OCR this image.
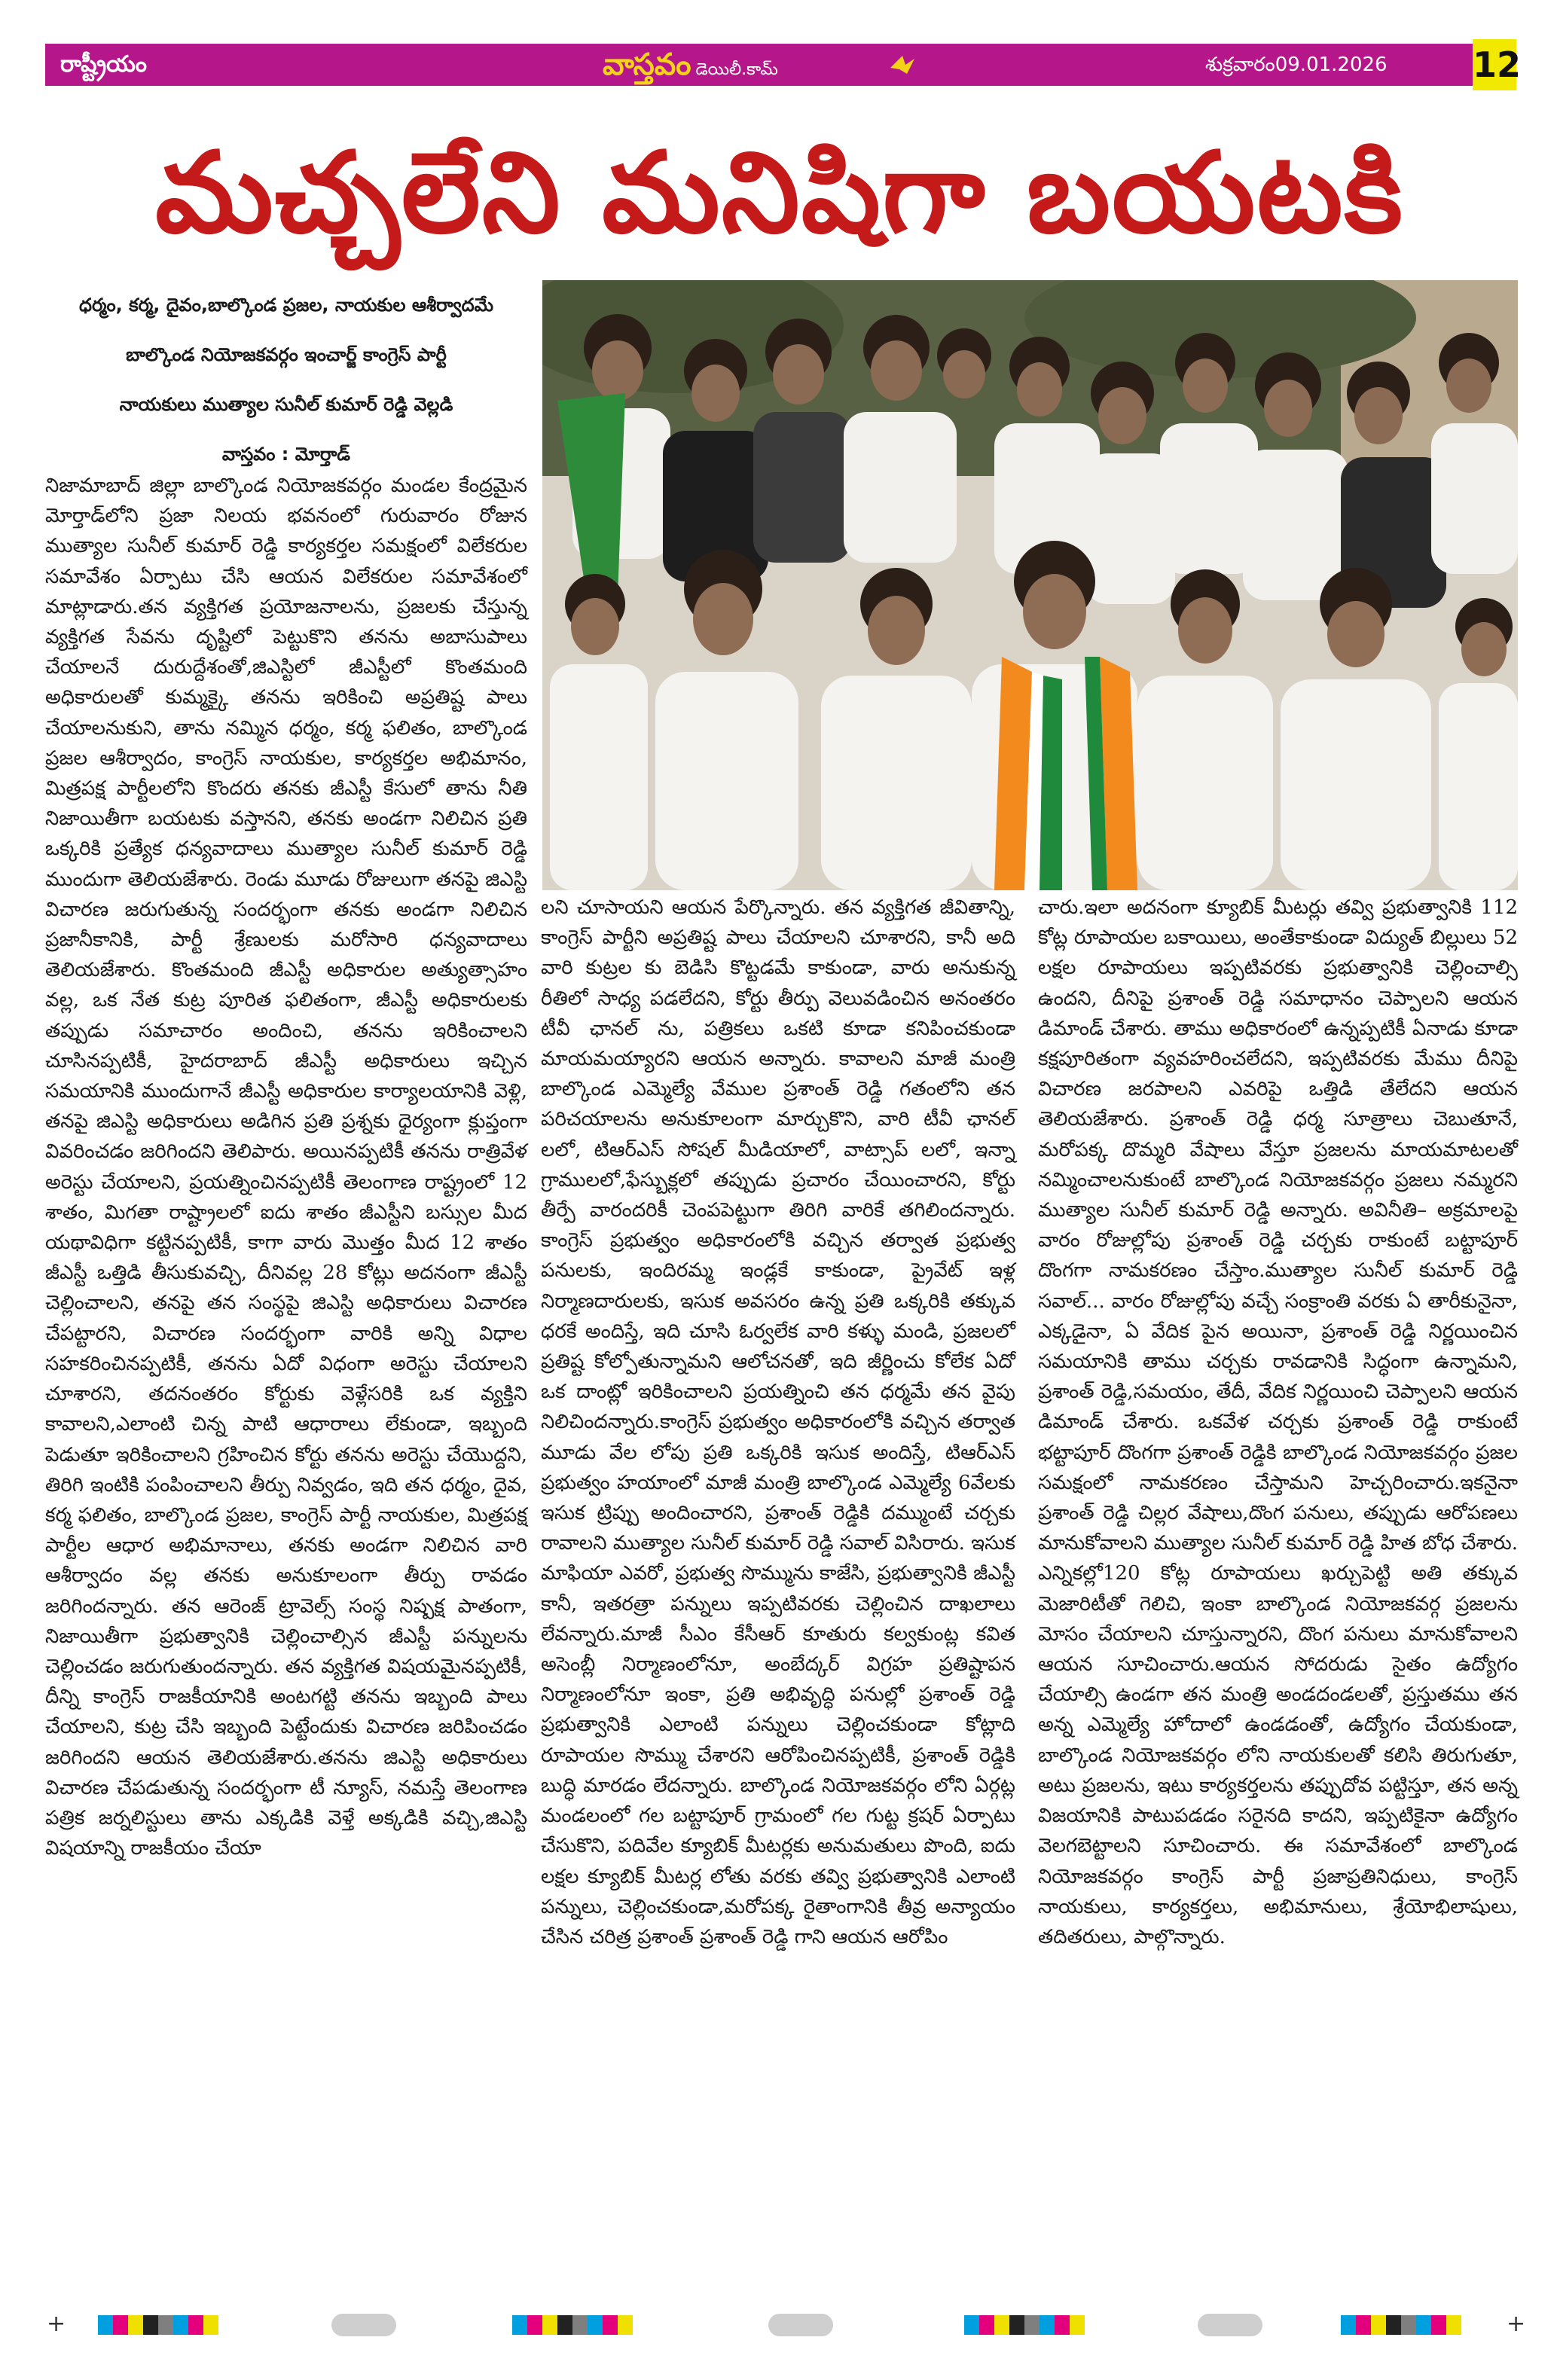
రాష్ట్రీయం	వాస్తవం డెయిలీ.కామ్	శుక్రవారం09.01.2026 12
మచ్చలేని మనిషిగా బయటకి
ధర్మం, కర్మ, దైవం,బాల్కొండ ప్రజల, నాయకుల ఆశీర్వాదమే
బాల్కొండ నియోజకవర్గం ఇంచార్జ్ కాంగ్రెస్ పార్టీ
నాయకులు ముత్యాల సునీల్ కుమార్ రెడ్డి వెల్లడి
వాస్తవం : మోర్తాడ్

నిజామాబాద్ జిల్లా బాల్కొండ నియోజకవర్గం మండల కేంద్రమైన మోర్తాడ్‌లోని ప్రజా నిలయ భవనంలో గురువారం రోజున ముత్యాల సునీల్ కుమార్ రెడ్డి కార్యకర్తల సమక్షంలో విలేకరుల సమావేశం ఏర్పాటు చేసి ఆయన విలేకరుల సమావేశంలో మాట్లాడారు.తన వ్యక్తిగత ప్రయోజనాలను, ప్రజలకు చేస్తున్న వ్యక్తిగత సేవను దృష్టిలో పెట్టుకొని తనను అబాసుపాలు చేయాలనే దురుద్దేశంతో,జిఎస్టిలో జీఎస్టీలో కొంతమంది అధికారులతో కుమ్మక్కై తనను ఇరికించి అప్రతిష్ట పాలు చేయాలనుకుని, తాను నమ్మిన ధర్మం, కర్మ ఫలితం, బాల్కొండ ప్రజల ఆశీర్వాదం, కాంగ్రెస్ నాయకుల, కార్యకర్తల అభిమానం, మిత్రపక్ష పార్టీలలోని కొందరు తనకు జీఎస్టీ కేసులో తాను నీతి నిజాయితీగా బయటకు వస్తానని, తనకు అండగా నిలిచిన ప్రతి ఒక్కరికి ప్రత్యేక ధన్యవాదాలు ముత్యాల సునీల్ కుమార్ రెడ్డి ముందుగా తెలియజేశారు. రెండు మూడు రోజులుగా తనపై జిఎస్టి విచారణ జరుగుతున్న సందర్భంగా తనకు అండగా నిలిచిన ప్రజానీకానికి, పార్టీ శ్రేణులకు మరోసారి ధన్యవాదాలు తెలియజేశారు. కొంతమంది జీఎస్టీ అధికారుల అత్యుత్సాహం వల్ల, ఒక నేత కుట్ర పూరిత ఫలితంగా, జీఎస్టీ అధికారులకు తప్పుడు సమాచారం అందించి, తనను ఇరికించాలని చూసినప్పటికీ, హైదరాబాద్ జీఎస్టీ అధికారులు ఇచ్చిన సమయానికి ముందుగానే జీఎస్టీ అధికారుల కార్యాలయానికి వెళ్లి, తనపై జిఎస్టి అధికారులు అడిగిన ప్రతి ప్రశ్నకు ధైర్యంగా క్లుప్తంగా వివరించడం జరిగిందని తెలిపారు. అయినప్పటికీ తనను రాత్రివేళ అరెస్టు చేయాలని, ప్రయత్నించినప్పటికీ తెలంగాణ రాష్ట్రంలో 12 శాతం, మిగతా రాష్ట్రాలలో ఐదు శాతం జీఎస్టీని బస్సుల మీద యథావిధిగా కట్టినప్పటికీ, కాగా వారు మొత్తం మీద 12 శాతం జీఎస్టీ ఒత్తిడి తీసుకువచ్చి, దీనివల్ల 28 కోట్లు అదనంగా జీఎస్టీ చెల్లించాలని, తనపై తన సంస్థపై జిఎస్టి అధికారులు విచారణ చేపట్టారని, విచారణ సందర్భంగా వారికి అన్ని విధాల సహకరించినప్పటికీ, తనను ఏదో విధంగా అరెస్టు చేయాలని చూశారని, తదనంతరం కోర్టుకు వెళ్లేసరికి ఒక వ్యక్తిని కావాలని,ఎలాంటి చిన్న పాటి ఆధారాలు లేకుండా, ఇబ్బంది పెడుతూ ఇరికించాలని గ్రహించిన కోర్టు తనను అరెస్టు చేయొద్దని, తిరిగి ఇంటికి పంపించాలని తీర్పు నివ్వడం, ఇది తన ధర్మం, దైవ, కర్మ ఫలితం, బాల్కొండ ప్రజల, కాంగ్రెస్ పార్టీ నాయకుల, మిత్రపక్ష పార్టీల ఆధార అభిమానాలు, తనకు అండగా నిలిచిన వారి ఆశీర్వాదం వల్ల తనకు అనుకూలంగా తీర్పు రావడం జరిగిందన్నారు. తన ఆరెంజ్ ట్రావెల్స్ సంస్థ నిష్పక్ష పాతంగా, నిజాయితీగా ప్రభుత్వానికి చెల్లించాల్సిన జీఎస్టీ పన్నులను చెల్లించడం జరుగుతుందన్నారు. తన వ్యక్తిగత విషయమైనప్పటికీ, దీన్ని కాంగ్రెస్ రాజకీయానికి అంటగట్టి తనను ఇబ్బంది పాలు చేయాలని, కుట్ర చేసి ఇబ్బంది పెట్టేందుకు విచారణ జరిపించడం జరిగిందని ఆయన తెలియజేశారు.తనను జిఎస్టి అధికారులు విచారణ చేపడుతున్న సందర్భంగా టీ న్యూస్, నమస్తే తెలంగాణ పత్రిక జర్నలిస్టులు తాను ఎక్కడికి వెళ్తే అక్కడికి వచ్చి,జిఎస్టి విషయాన్ని రాజకీయం చేయా

లని చూసాయని ఆయన పేర్కొన్నారు. తన వ్యక్తిగత జీవితాన్ని, కాంగ్రెస్ పార్టీని అప్రతిష్ట పాలు చేయాలని చూశారని, కానీ అది వారి కుట్రల కు బెడిసి కొట్టడమే కాకుండా, వారు అనుకున్న రీతిలో సాధ్య పడలేదని, కోర్టు తీర్పు వెలువడించిన అనంతరం టీవీ ఛానల్ ను, పత్రికలు ఒకటి కూడా కనిపించకుండా మాయమయ్యారని ఆయన అన్నారు. కావాలని మాజీ మంత్రి బాల్కొండ ఎమ్మెల్యే వేముల ప్రశాంత్ రెడ్డి గతంలోని తన పరిచయాలను అనుకూలంగా మార్చుకొని, వారి టీవీ ఛానల్ లలో, టిఆర్ఎస్ సోషల్ మీడియాలో, వాట్సాప్ లలో, ఇన్నా గ్రాములలో,ఫేస్బుక్లలో తప్పుడు ప్రచారం చేయించారని, కోర్టు తీర్పే వారందరికీ చెంపపెట్టుగా తిరిగి వారికే తగిలిందన్నారు. కాంగ్రెస్ ప్రభుత్వం అధికారంలోకి వచ్చిన తర్వాత ప్రభుత్వ పనులకు, ఇందిరమ్మ ఇండ్లకే కాకుండా, ప్రైవేట్ ఇళ్ల నిర్మాణదారులకు, ఇసుక అవసరం ఉన్న ప్రతి ఒక్కరికి తక్కువ ధరకే అందిస్తే, ఇది చూసి ఓర్వలేక వారి కళ్ళు మండి, ప్రజలలో ప్రతిష్ట కోల్పోతున్నామని ఆలోచనతో, ఇది జీర్ణించు కోలేక ఏదో ఒక దాంట్లో ఇరికించాలని ప్రయత్నించి తన ధర్మమే తన వైపు నిలిచిందన్నారు.కాంగ్రెస్ ప్రభుత్వం అధికారంలోకి వచ్చిన తర్వాత మూడు వేల లోపు ప్రతి ఒక్కరికి ఇసుక అందిస్తే, టిఆర్ఎస్ ప్రభుత్వం హయాంలో మాజీ మంత్రి బాల్కొండ ఎమ్మెల్యే 6వేలకు ఇసుక ట్రిప్పు అందించారని, ప్రశాంత్ రెడ్డికి దమ్ముంటే చర్చకు రావాలని ముత్యాల సునీల్ కుమార్ రెడ్డి సవాల్ విసిరారు. ఇసుక మాఫియా ఎవరో, ప్రభుత్వ సొమ్మును కాజేసి, ప్రభుత్వానికి జీఎస్టీ కానీ, ఇతరత్రా పన్నులు ఇప్పటివరకు చెల్లించిన దాఖలాలు లేవన్నారు.మాజీ సీఎం కేసీఆర్ కూతురు కల్వకుంట్ల కవిత అసెంబ్లీ నిర్మాణంలోనూ, అంబేద్కర్ విగ్రహ ప్రతిష్టాపన నిర్మాణంలోనూ ఇంకా, ప్రతి అభివృద్ధి పనుల్లో ప్రశాంత్ రెడ్డి ప్రభుత్వానికి ఎలాంటి పన్నులు చెల్లించకుండా కోట్లాది రూపాయల సొమ్ము చేశారని ఆరోపించినప్పటికీ, ప్రశాంత్ రెడ్డికి బుద్ధి మారడం లేదన్నారు. బాల్కొండ నియోజకవర్గం లోని ఏర్గట్ల మండలంలో గల బట్టాపూర్ గ్రామంలో గల గుట్ట క్రషర్ ఏర్పాటు చేసుకొని, పదివేల క్యూబిక్ మీటర్లకు అనుమతులు పొంది, ఐదు లక్షల క్యూబిక్ మీటర్ల లోతు వరకు తవ్వి ప్రభుత్వానికి ఎలాంటి పన్నులు, చెల్లించకుండా,మరోపక్క రైతాంగానికి తీవ్ర అన్యాయం చేసిన చరిత్ర ప్రశాంత్ ప్రశాంత్ రెడ్డి గాని ఆయన ఆరోపిం

చారు.ఇలా అదనంగా క్యూబిక్ మీటర్లు తవ్వి ప్రభుత్వానికి 112 కోట్ల రూపాయల బకాయిలు, అంతేకాకుండా విద్యుత్ బిల్లులు 52 లక్షల రూపాయలు ఇప్పటివరకు ప్రభుత్వానికి చెల్లించాల్సి ఉందని, దీనిపై ప్రశాంత్ రెడ్డి సమాధానం చెప్పాలని ఆయన డిమాండ్ చేశారు. తాము అధికారంలో ఉన్నప్పటికీ ఏనాడు కూడా కక్షపూరితంగా వ్యవహరించలేదని, ఇప్పటివరకు మేము దీనిపై విచారణ జరపాలని ఎవరిపై ఒత్తిడి తేలేదని ఆయన తెలియజేశారు. ప్రశాంత్ రెడ్డి ధర్మ సూత్రాలు చెబుతూనే, మరోపక్క దొమ్మరి వేషాలు వేస్తూ ప్రజలను మాయమాటలతో నమ్మించాలనుకుంటే బాల్కొండ నియోజకవర్గం ప్రజలు నమ్మరని ముత్యాల సునీల్ కుమార్ రెడ్డి అన్నారు. అవినీతి– అక్రమాలపై వారం రోజుల్లోపు ప్రశాంత్ రెడ్డి చర్చకు రాకుంటే బట్టాపూర్ దొంగగా నామకరణం చేస్తాం.ముత్యాల సునీల్ కుమార్ రెడ్డి సవాల్... వారం రోజుల్లోపు వచ్చే సంక్రాంతి వరకు ఏ తారీకునైనా, ఎక్కడైనా, ఏ వేదిక పైన అయినా, ప్రశాంత్ రెడ్డి నిర్ణయించిన సమయానికి తాము చర్చకు రావడానికి సిద్ధంగా ఉన్నామని, ప్రశాంత్ రెడ్డి,సమయం, తేదీ, వేదిక నిర్ణయించి చెప్పాలని ఆయన డిమాండ్ చేశారు. ఒకవేళ చర్చకు ప్రశాంత్ రెడ్డి రాకుంటే భట్టాపూర్ దొంగగా ప్రశాంత్ రెడ్డికి బాల్కొండ నియోజకవర్గం ప్రజల సమక్షంలో నామకరణం చేస్తామని హెచ్చరించారు.ఇకనైనా ప్రశాంత్ రెడ్డి చిల్లర వేషాలు,దొంగ పనులు, తప్పుడు ఆరోపణలు మానుకోవాలని ముత్యాల సునీల్ కుమార్ రెడ్డి హిత బోధ చేశారు. ఎన్నికల్లో120 కోట్ల రూపాయలు ఖర్చుపెట్టి అతి తక్కువ మెజారిటీతో గెలిచి, ఇంకా బాల్కొండ నియోజకవర్గ ప్రజలను మోసం చేయాలని చూస్తున్నారని, దొంగ పనులు మానుకోవాలని ఆయన సూచించారు.ఆయన సోదరుడు సైతం ఉద్యోగం చేయాల్సి ఉండగా తన మంత్రి అండదండలతో, ప్రస్తుతము తన అన్న ఎమ్మెల్యే హోదాలో ఉండడంతో, ఉద్యోగం చేయకుండా, బాల్కొండ నియోజకవర్గం లోని నాయకులతో కలిసి తిరుగుతూ, అటు ప్రజలను, ఇటు కార్యకర్తలను తప్పుదోవ పట్టిస్తూ, తన అన్న విజయానికి పాటుపడడం సరైనది కాదని, ఇప్పటికైనా ఉద్యోగం వెలగబెట్టాలని సూచించారు. ఈ సమావేశంలో బాల్కొండ నియోజకవర్గం కాంగ్రెస్ పార్టీ ప్రజాప్రతినిధులు, కాంగ్రెస్ నాయకులు, కార్యకర్తలు, అభిమానులు, శ్రేయోభిలాషులు, తదితరులు, పాల్గొన్నారు.

+	+
